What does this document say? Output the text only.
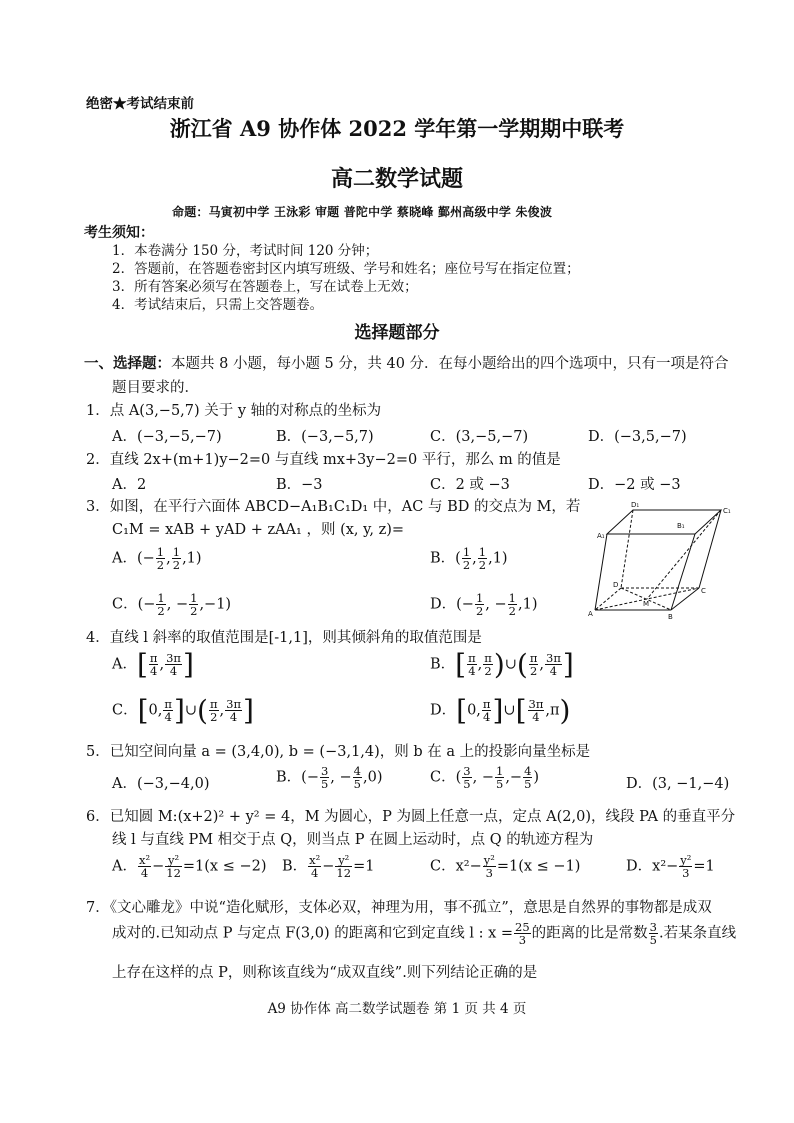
绝密★考试结束前
浙江省 A9 协作体 2022 学年第一学期期中联考
高二数学试题
命题：马寅初中学 王泳彩 审题 普陀中学 蔡晓峰 鄞州高级中学 朱俊波
考生须知：
1．本卷满分 150 分，考试时间 120 分钟；
2．答题前，在答题卷密封区内填写班级、学号和姓名；座位号写在指定位置；
3．所有答案必须写在答题卷上，写在试卷上无效；
4．考试结束后，只需上交答题卷。
选择题部分
一、选择题：本题共 8 小题，每小题 5 分，共 40 分．在每小题给出的四个选项中，只有一项是符合
题目要求的．
1．点 A(3,−5,7) 关于 y 轴的对称点的坐标为
A．(−3,−5,−7)	B．(−3,−5,7)	C．(3,−5,−7)	D．(−3,5,−7)
2．直线 2x+(m+1)y−2=0 与直线 mx+3y−2=0 平行，那么 m 的值是
A．2	B．−3	C．2 或 −3	D．−2 或 −3
3．如图，在平行六面体 ABCD−A₁B₁C₁D₁ 中，AC 与 BD 的交点为 M，若
C₁M = xAB + yAD + zAA₁ ，则 (x, y, z)=
A．(− $\frac{1}{2}$ , $\frac{1}{2} ,1$)	B．( $\frac{1}{2}$ , $\frac{1}{2} ,1$)
C．(− $\frac{1}{2}$ , − $\frac{1}{2} ,-1$)	D．(− $\frac{1}{2}$ , − $\frac{1}{2} ,1$)
D₁
C₁
A₁
B₁
D
M
A	B
C
4．直线 l 斜率的取值范围是[-1,1]，则其倾斜角的取值范围是
A．[ $\frac{\pi}{4}$ , $\frac{3\pi}{4}$ ]	B．[ $\frac{\pi}{4}$ , $\frac{\pi}{2}$ )∪( $\frac{\pi}{2}$ , $\frac{3\pi}{4}$ ]
C．[0, $\frac{\pi}{4}$ ]∪( $\frac{\pi}{2}$ , $\frac{3\pi}{4}$ ]	D．[0, $\frac{\pi}{4}$ ]∪[ $\frac{3\pi}{4} ,\pi$)
5．已知空间向量 a = (3,4,0), b = (−3,1,4)，则 b 在 a 上的投影向量坐标是
A．(−3,−4,0)	B．(− $\frac{3}{5}$ , − $\frac{4}{5} ,0$)	C．( $\frac{3}{5}$ , − $\frac{1}{5}$ ,− $\frac{4}{5}$ )	D．(3, −1,−4)
6．已知圆 M:(x+2)² + y² = 4，M 为圆心，P 为圆上任意一点，定点 A(2,0)，线段 PA 的垂直平分
线 l 与直线 PM 相交于点 Q，则当点 P 在圆上运动时，点 Q 的轨迹方程为
A． $\frac{\text{x²}}{4} - \frac{\text{y²}}{12} =1(x \le -2)$ B． $\frac{\text{x²}}{4} - \frac{\text{y²}}{12} =1$	C．$x^2- \frac{\text{y²}}{3} =1(x \le -1)$	D．$x^2- \frac{\text{y²}}{3} =1$
7．《文心雕龙》中说“造化赋形，支体必双，神理为用，事不孤立”，意思是自然界的事物都是成双
成对的.已知动点 P 与定点 F(3,0) 的距离和它到定直线 l : $x = \frac{25}{3}$ 的距离的比是常数 $\frac{3}{5}$ .若某条直线
上存在这样的点 P，则称该直线为“成双直线”.则下列结论正确的是
A9 协作体 高二数学试题卷 第 1 页 共 4 页
